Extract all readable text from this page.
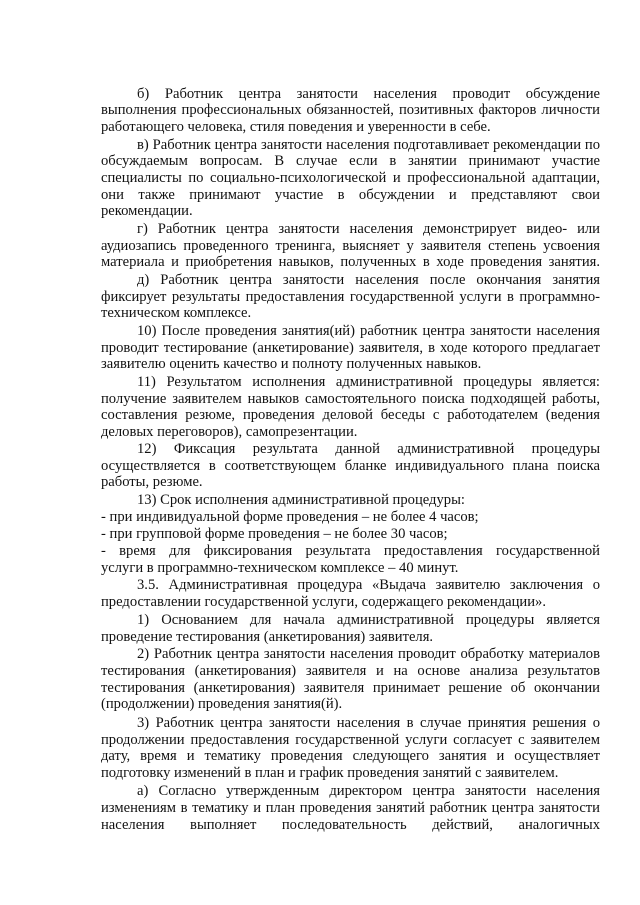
б) Работник центра занятости населения проводит обсуждение
выполнения профессиональных обязанностей, позитивных факторов личности
работающего человека, стиля поведения и уверенности в себе.
в) Работник центра занятости населения подготавливает рекомендации по
обсуждаемым вопросам. В случае если в занятии принимают участие
специалисты по социально-психологической и профессиональной адаптации,
они также принимают участие в обсуждении и представляют свои
рекомендации.
г) Работник центра занятости населения демонстрирует видео- или
аудиозапись проведенного тренинга, выясняет у заявителя степень усвоения
материала и приобретения навыков, полученных в ходе проведения занятия.
д) Работник центра занятости населения после окончания занятия
фиксирует результаты предоставления государственной услуги в программно-
техническом комплексе.
10) После проведения занятия(ий) работник центра занятости населения
проводит тестирование (анкетирование) заявителя, в ходе которого предлагает
заявителю оценить качество и полноту полученных навыков.
11) Результатом исполнения административной процедуры является:
получение заявителем навыков самостоятельного поиска подходящей работы,
составления резюме, проведения деловой беседы с работодателем (ведения
деловых переговоров), самопрезентации.
12) Фиксация результата данной административной процедуры
осуществляется в соответствующем бланке индивидуального плана поиска
работы, резюме.
13) Срок исполнения административной процедуры:
- при индивидуальной форме проведения – не более 4 часов;
- при групповой форме проведения – не более 30 часов;
- время для фиксирования результата предоставления государственной
услуги в программно-техническом комплексе – 40 минут.
3.5. Административная процедура «Выдача заявителю заключения о
предоставлении государственной услуги, содержащего рекомендации».
1) Основанием для начала административной процедуры является
проведение тестирования (анкетирования) заявителя.
2) Работник центра занятости населения проводит обработку материалов
тестирования (анкетирования) заявителя и на основе анализа результатов
тестирования (анкетирования) заявителя принимает решение об окончании
(продолжении) проведения занятия(й).
3) Работник центра занятости населения в случае принятия решения о
продолжении предоставления государственной услуги согласует с заявителем
дату, время и тематику проведения следующего занятия и осуществляет
подготовку изменений в план и график проведения занятий с заявителем.
а) Согласно утвержденным директором центра занятости населения
изменениям в тематику и план проведения занятий работник центра занятости
населения выполняет последовательность действий, аналогичных
